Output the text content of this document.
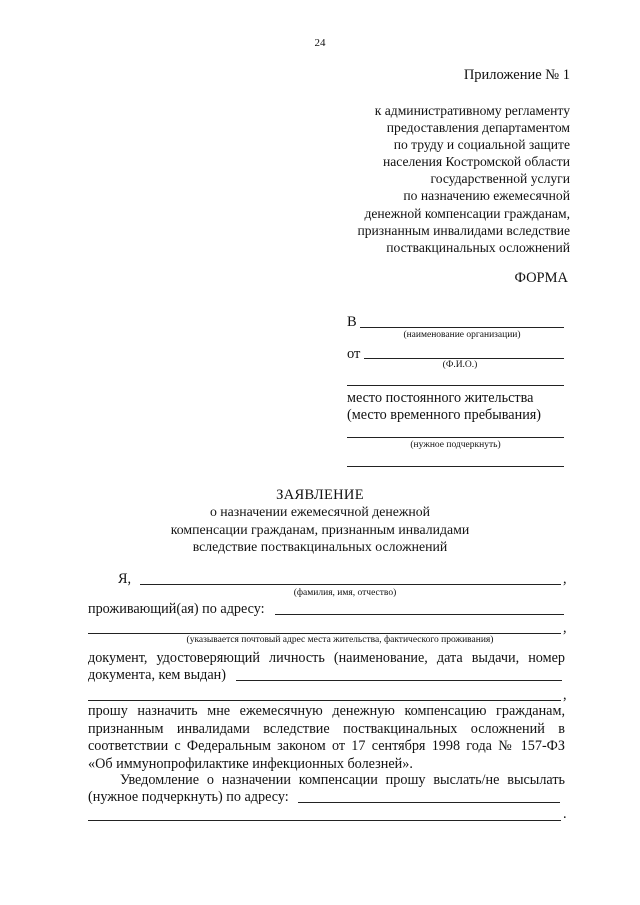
24
Приложение № 1
к административному регламенту
предоставления департаментом
по труду и социальной защите
населения Костромской области
государственной услуги
по назначению ежемесячной
денежной компенсации гражданам,
признанным инвалидами вследствие
поствакцинальных осложнений
ФОРМА
В
(наименование организации)
от
(Ф.И.О.)
место постоянного жительства
(место временного пребывания)
(нужное подчеркнуть)
ЗАЯВЛЕНИЕ
о назначении ежемесячной денежной
компенсации гражданам, признанным инвалидами
вследствие поствакцинальных осложнений
Я,	,
(фамилия, имя, отчество)
проживающий(ая) по адресу:
,
(указывается почтовый адрес места жительства, фактического проживания)
документ, удостоверяющий личность (наименование, дата выдачи, номер
документа, кем выдан)
,
прошу назначить мне ежемесячную денежную компенсацию гражданам,
признанным инвалидами вследствие поствакцинальных осложнений в
соответствии с Федеральным законом от 17 сентября 1998 года № 157-ФЗ
«Об иммунопрофилактике инфекционных болезней».
Уведомление о назначении компенсации прошу выслать/не высылать
(нужное подчеркнуть) по адресу:
.
